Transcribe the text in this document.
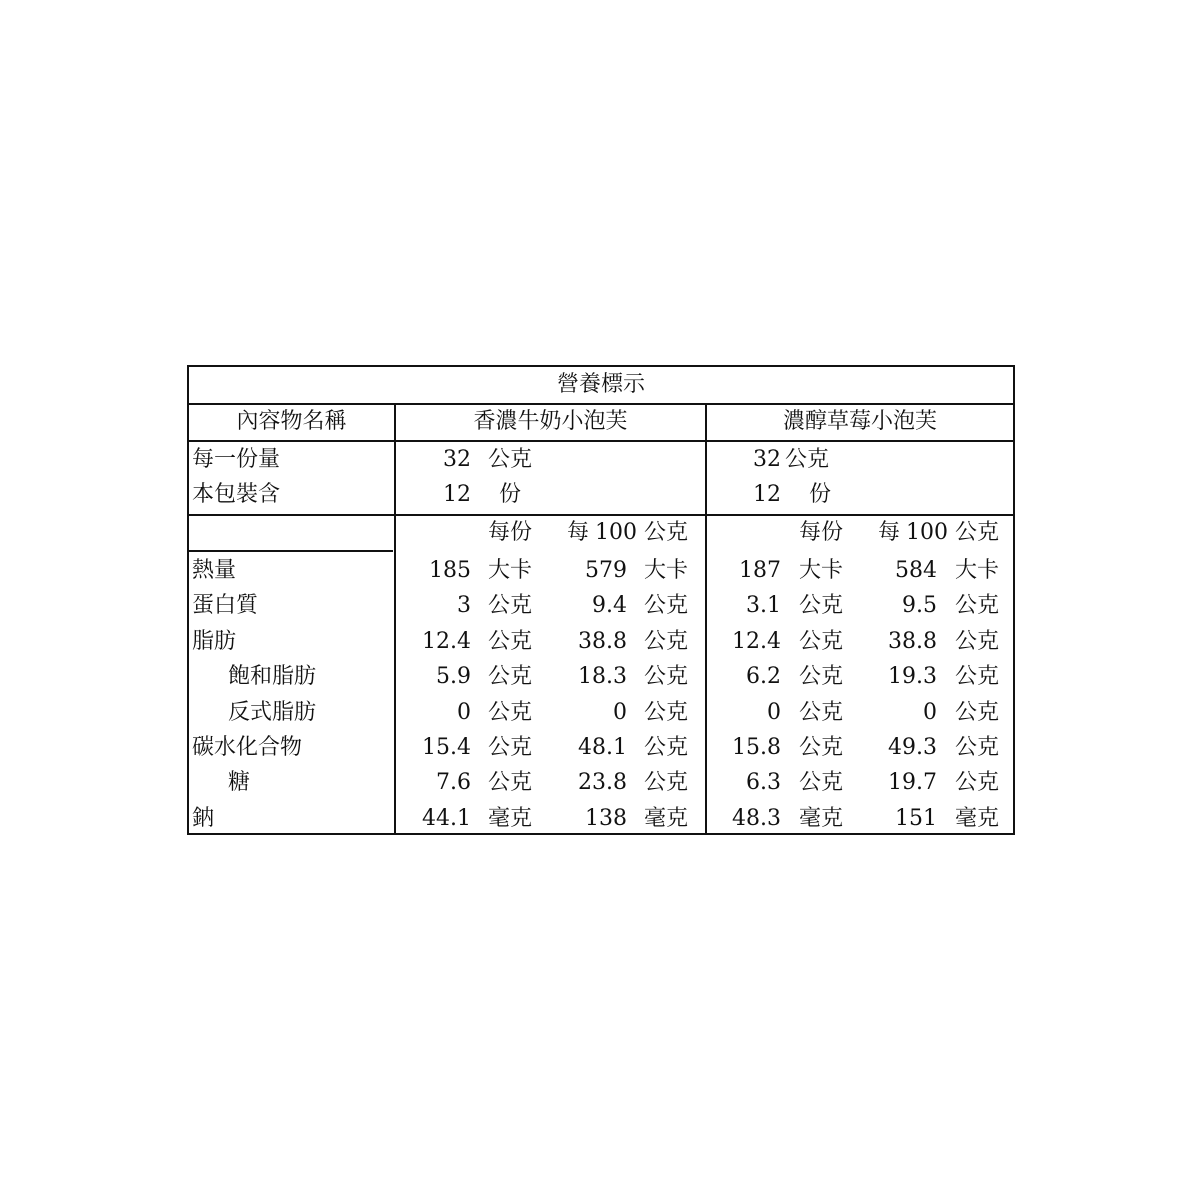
營養標示
內容物名稱	香濃牛奶小泡芙	濃醇草莓小泡芙
每一份量	32 公克	32 公克
本包裝含	12 份	12 份
每份 每 100 公克	每份 每 100 公克
熱量	185 大卡	579 大卡	187 大卡	584 大卡
蛋白質	3 公克	9.4 公克	3.1 公克	9.5 公克
脂肪	12.4 公克	38.8 公克	12.4 公克	38.8 公克
飽和脂肪	5.9 公克	18.3 公克	6.2 公克	19.3 公克
反式脂肪	0 公克	0 公克	0 公克	0 公克
碳水化合物	15.4 公克	48.1 公克	15.8 公克	49.3 公克
糖	7.6 公克	23.8 公克	6.3 公克	19.7 公克
鈉	44.1 毫克	138 毫克	48.3 毫克	151 毫克
